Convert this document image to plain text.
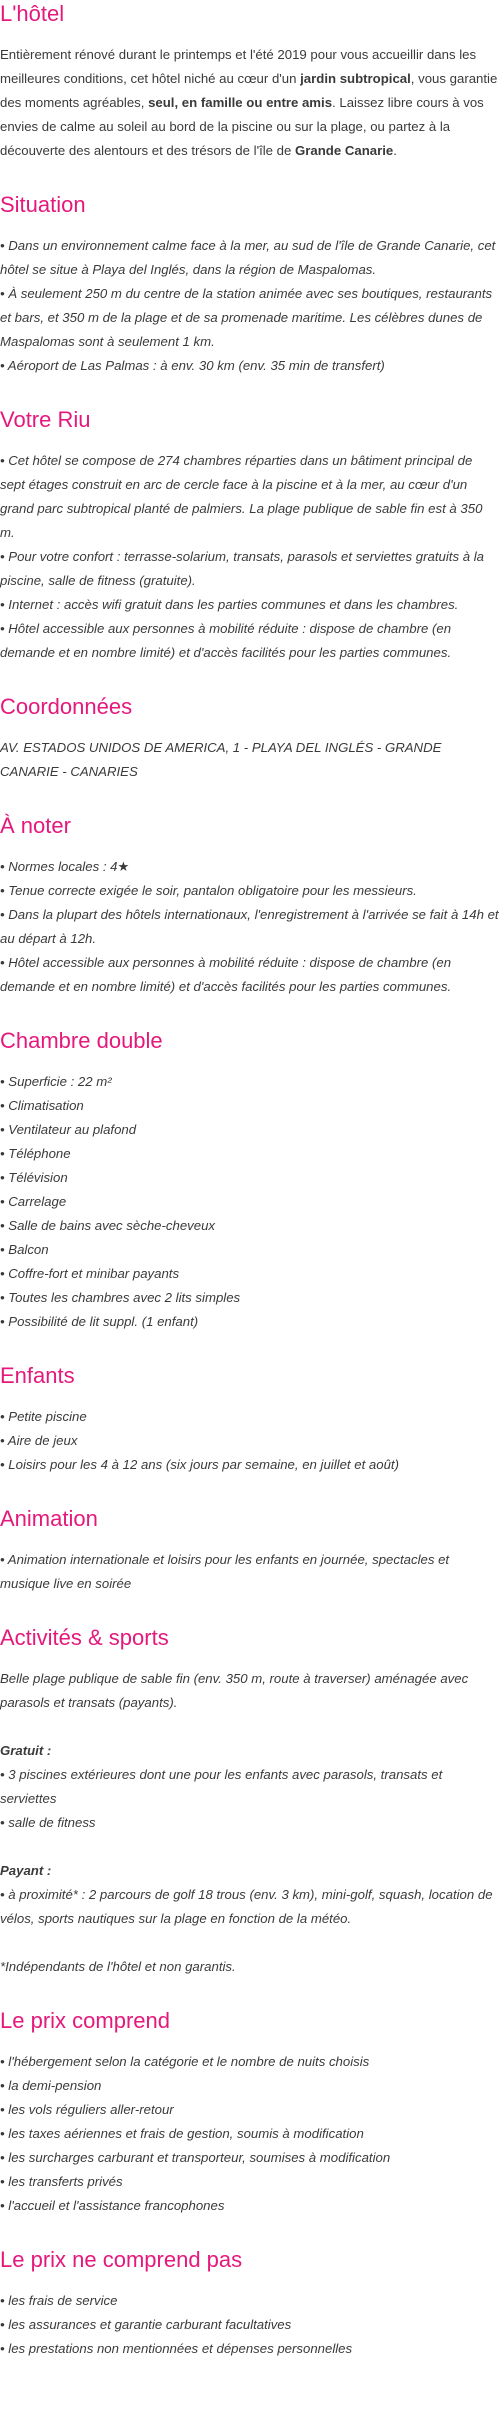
L'hôtel

Entièrement rénové durant le printemps et l'été 2019 pour vous accueillir dans les meilleures conditions, cet hôtel niché au cœur d'un jardin subtropical, vous garantie des moments agréables, seul, en famille ou entre amis. Laissez libre cours à vos envies de calme au soleil au bord de la piscine ou sur la plage, ou partez à la découverte des alentours et des trésors de l'île de Grande Canarie.

Situation

• Dans un environnement calme face à la mer, au sud de l'île de Grande Canarie, cet hôtel se situe à Playa del Inglés, dans la région de Maspalomas.

• À seulement 250 m du centre de la station animée avec ses boutiques, restaurants et bars, et 350 m de la plage et de sa promenade maritime. Les célèbres dunes de Maspalomas sont à seulement 1 km.

• Aéroport de Las Palmas : à env. 30 km (env. 35 min de transfert)

Votre Riu

• Cet hôtel se compose de 274 chambres réparties dans un bâtiment principal de sept étages construit en arc de cercle face à la piscine et à la mer, au cœur d'un grand parc subtropical planté de palmiers. La plage publique de sable fin est à 350 m.

• Pour votre confort : terrasse-solarium, transats, parasols et serviettes gratuits à la piscine, salle de fitness (gratuite).

• Internet : accès wifi gratuit dans les parties communes et dans les chambres.

• Hôtel accessible aux personnes à mobilité réduite : dispose de chambre (en demande et en nombre limité) et d'accès facilités pour les parties communes.

Coordonnées

AV. ESTADOS UNIDOS DE AMERICA, 1 - PLAYA DEL INGLÉS - GRANDE CANARIE - CANARIES

À noter

• Normes locales : 4★

• Tenue correcte exigée le soir, pantalon obligatoire pour les messieurs.

• Dans la plupart des hôtels internationaux, l'enregistrement à l'arrivée se fait à 14h et au départ à 12h.

• Hôtel accessible aux personnes à mobilité réduite : dispose de chambre (en demande et en nombre limité) et d'accès facilités pour les parties communes.

Chambre double
• Superficie : 22 m²
• Climatisation
• Ventilateur au plafond
• Téléphone
• Télévision
• Carrelage
• Salle de bains avec sèche-cheveux
• Balcon
• Coffre-fort et minibar payants
• Toutes les chambres avec 2 lits simples
• Possibilité de lit suppl. (1 enfant)
Enfants
• Petite piscine
• Aire de jeux
• Loisirs pour les 4 à 12 ans (six jours par semaine, en juillet et août)
Animation

• Animation internationale et loisirs pour les enfants en journée, spectacles et musique live en soirée

Activités & sports

Belle plage publique de sable fin (env. 350 m, route à traverser) aménagée avec parasols et transats (payants).

Gratuit :

• 3 piscines extérieures dont une pour les enfants avec parasols, transats et serviettes

• salle de fitness

Payant :

• à proximité* : 2 parcours de golf 18 trous (env. 3 km), mini-golf, squash, location de vélos, sports nautiques sur la plage en fonction de la météo.

*Indépendants de l'hôtel et non garantis.

Le prix comprend
• l'hébergement selon la catégorie et le nombre de nuits choisis
• la demi-pension
• les vols réguliers aller-retour
• les taxes aériennes et frais de gestion, soumis à modification
• les surcharges carburant et transporteur, soumises à modification
• les transferts privés
• l'accueil et l'assistance francophones
Le prix ne comprend pas
• les frais de service
• les assurances et garantie carburant facultatives
• les prestations non mentionnées et dépenses personnelles
